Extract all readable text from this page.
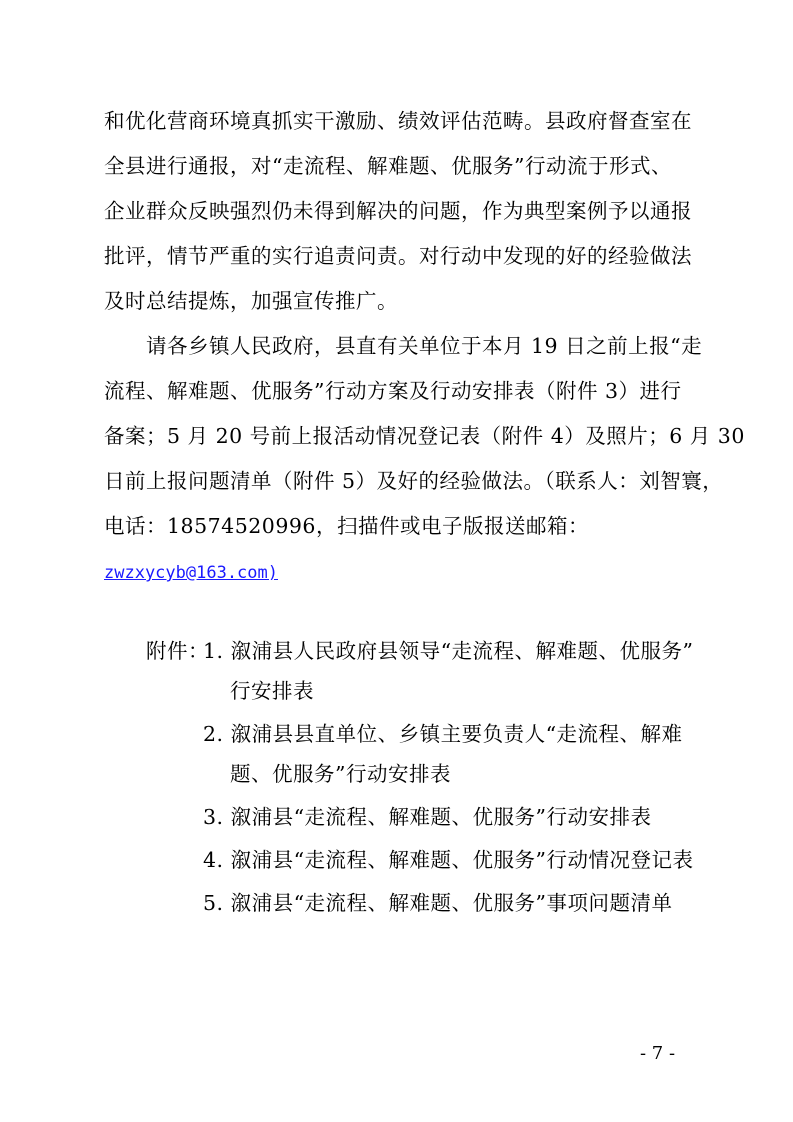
和优化营商环境真抓实干激励、绩效评估范畴。县政府督查室在
全县进行通报，对“走流程、解难题、优服务”行动流于形式、
企业群众反映强烈仍未得到解决的问题，作为典型案例予以通报
批评，情节严重的实行追责问责。对行动中发现的好的经验做法
及时总结提炼，加强宣传推广。
请各乡镇人民政府，县直有关单位于本月 19 日之前上报“走
流程、解难题、优服务”行动方案及行动安排表（附件 3）进行
备案；5 月 20 号前上报活动情况登记表（附件 4）及照片；6 月 30
日前上报问题清单（附件 5）及好的经验做法。（联系人：刘智寰，
电话：18574520996，扫描件或电子版报送邮箱：
zwzxycyb@163.com)
附件：
1. 溆浦县人民政府县领导“走流程、解难题、优服务”
行安排表
2. 溆浦县县直单位、乡镇主要负责人“走流程、解难
题、优服务”行动安排表
3. 溆浦县“走流程、解难题、优服务”行动安排表
4. 溆浦县“走流程、解难题、优服务”行动情况登记表
5. 溆浦县“走流程、解难题、优服务”事项问题清单
- 7 -
